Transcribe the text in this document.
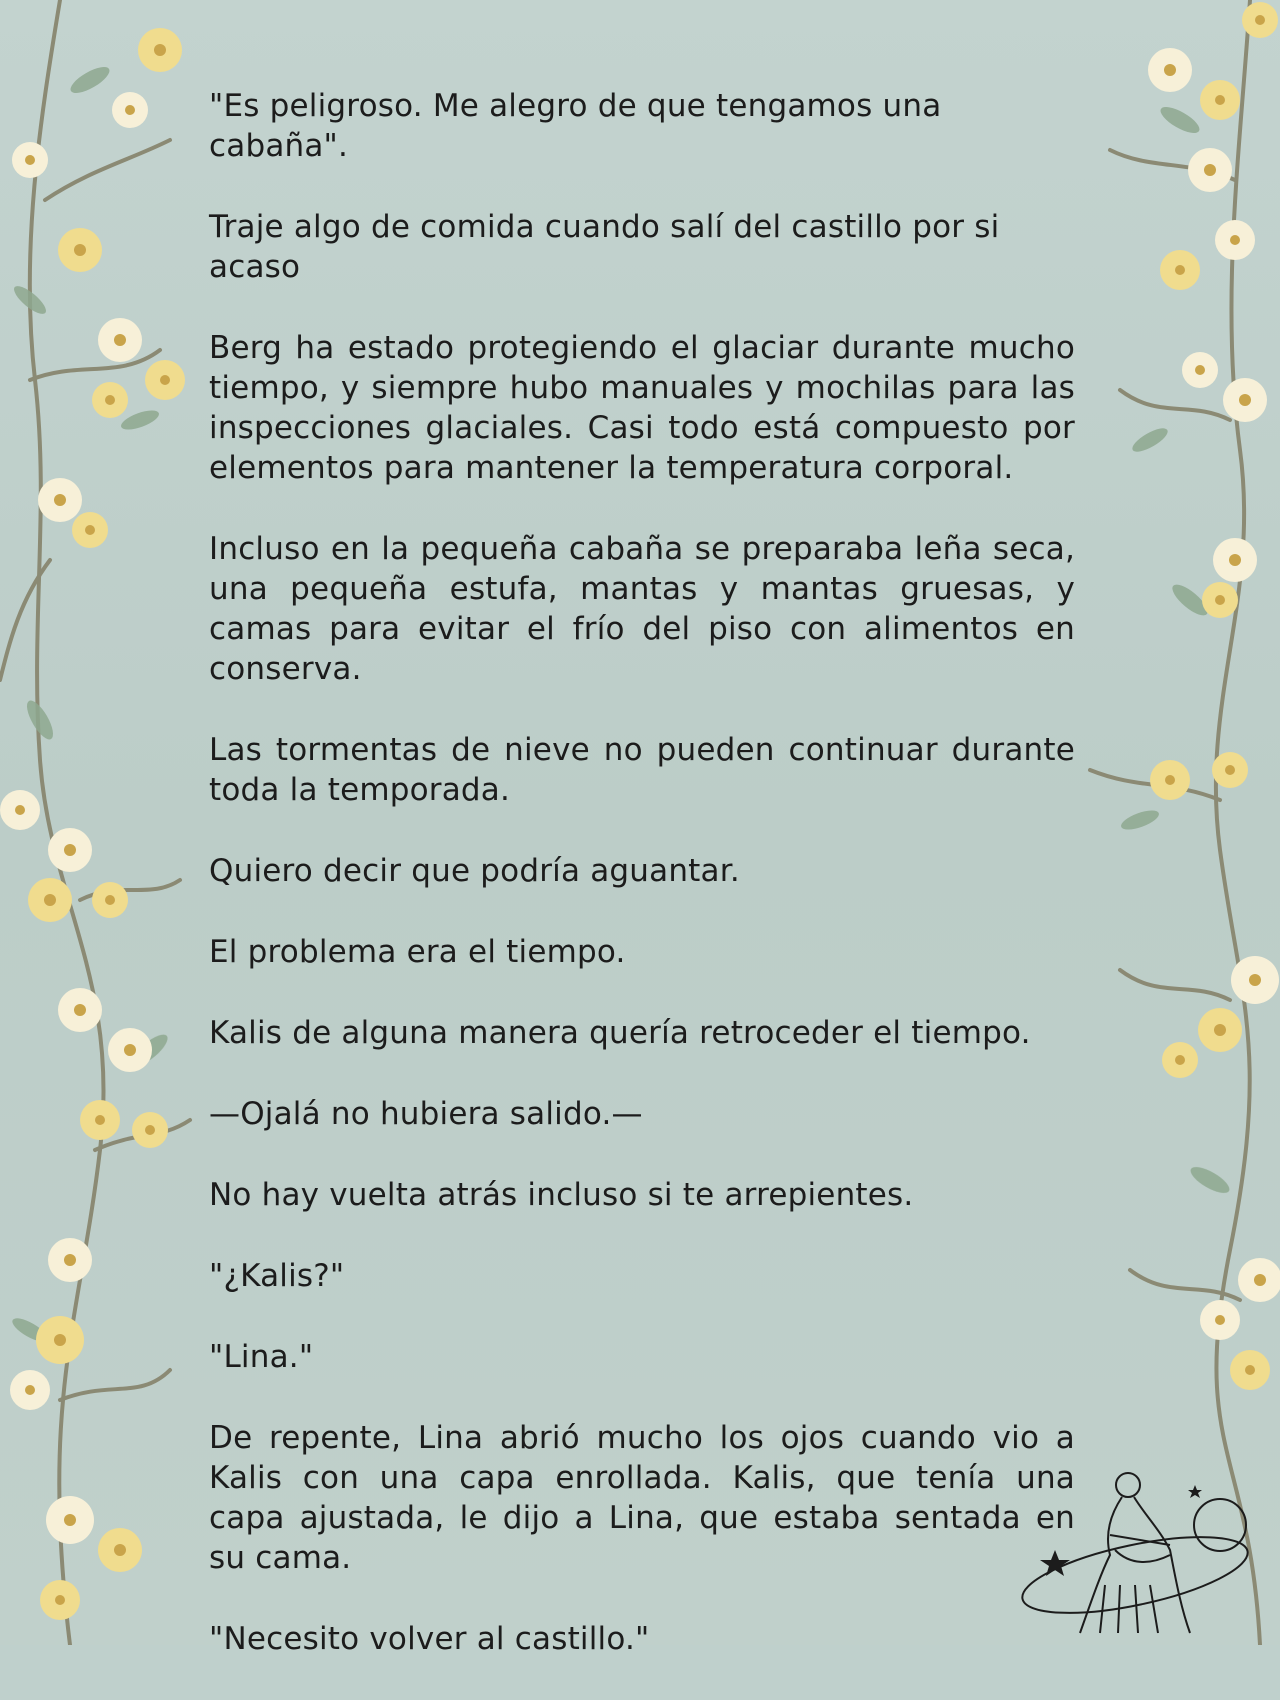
"Es peligroso. Me alegro de que tengamos una cabaña".

Traje algo de comida cuando salí del castillo por si acaso

Berg ha estado protegiendo el glaciar durante mucho tiempo, y siempre hubo manuales y mochilas para las inspecciones glaciales. Casi todo está compuesto por elementos para mantener la temperatura corporal.

Incluso en la pequeña cabaña se preparaba leña seca, una pequeña estufa, mantas y mantas gruesas, y camas para evitar el frío del piso con alimentos en conserva.

Las tormentas de nieve no pueden continuar durante toda la temporada.

Quiero decir que podría aguantar.

El problema era el tiempo.

Kalis de alguna manera quería retroceder el tiempo.

—Ojalá no hubiera salido.—

No hay vuelta atrás incluso si te arrepientes.

"¿Kalis?"

"Lina."

De repente, Lina abrió mucho los ojos cuando vio a Kalis con una capa enrollada. Kalis, que tenía una capa ajustada, le dijo a Lina, que estaba sentada en su cama.

"Necesito volver al castillo."
